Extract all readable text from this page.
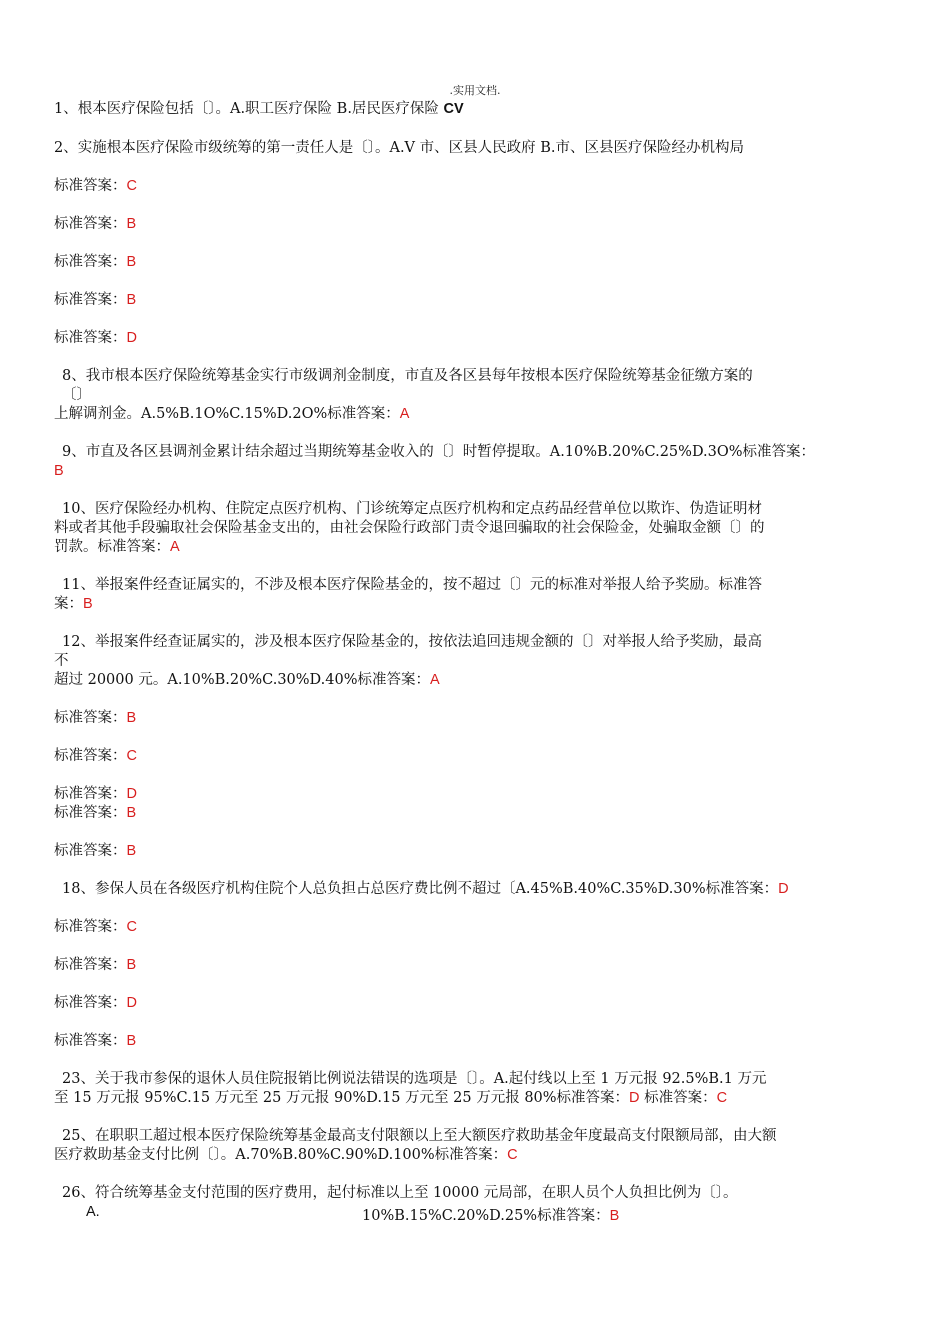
.实用文档.
1、根本医疗保险包括〔〕。A.职工医疗保险 B.居民医疗保险 CV
2、实施根本医疗保险市级统筹的第一责任人是〔〕。A.V 市、区县人民政府 B.市、区县医疗保险经办机构局
标准答案：C
标准答案：B
标准答案：B
标准答案：B
标准答案：D
8、我市根本医疗保险统筹基金实行市级调剂金制度，市直及各区县每年按根本医疗保险统筹基金征缴方案的
〔〕
上解调剂金。A.5%B.1O%C.15%D.2O%标准答案：A
9、市直及各区县调剂金累计结余超过当期统筹基金收入的〔〕时暂停提取。A.10%B.20%C.25%D.3O%标准答案：
B
10、医疗保险经办机构、住院定点医疗机构、门诊统筹定点医疗机构和定点药品经营单位以欺诈、伪造证明材
料或者其他手段骗取社会保险基金支出的，由社会保险行政部门责令退回骗取的社会保险金，处骗取金额〔〕的
罚款。标准答案：A
11、举报案件经查证属实的，不涉及根本医疗保险基金的，按不超过〔〕元的标准对举报人给予奖励。标准答
案：B
12、举报案件经查证属实的，涉及根本医疗保险基金的，按依法追回违规金额的〔〕对举报人给予奖励，最高
不
超过 20000 元。A.10%B.20%C.30%D.40%标准答案：A
标准答案：B
标准答案：C
标准答案：D
标准答案：B
标准答案：B
18、参保人员在各级医疗机构住院个人总负担占总医疗费比例不超过〔A.45%B.40%C.35%D.30%标准答案：D
标准答案：C
标准答案：B
标准答案：D
标准答案：B
23、关于我市参保的退休人员住院报销比例说法错误的选项是〔〕。A.起付线以上至 1 万元报 92.5%B.1 万元
至 15 万元报 95%C.15 万元至 25 万元报 90%D.15 万元至 25 万元报 80%标准答案：D 标准答案：C
25、在职职工超过根本医疗保险统筹基金最高支付限额以上至大额医疗救助基金年度最高支付限额局部，由大额
医疗救助基金支付比例〔〕。A.70%B.80%C.90%D.100%标准答案：C
26、符合统筹基金支付范围的医疗费用，起付标准以上至 10000 元局部，在职人员个人负担比例为〔〕。
A.	10%B.15%C.20%D.25%标准答案：B
